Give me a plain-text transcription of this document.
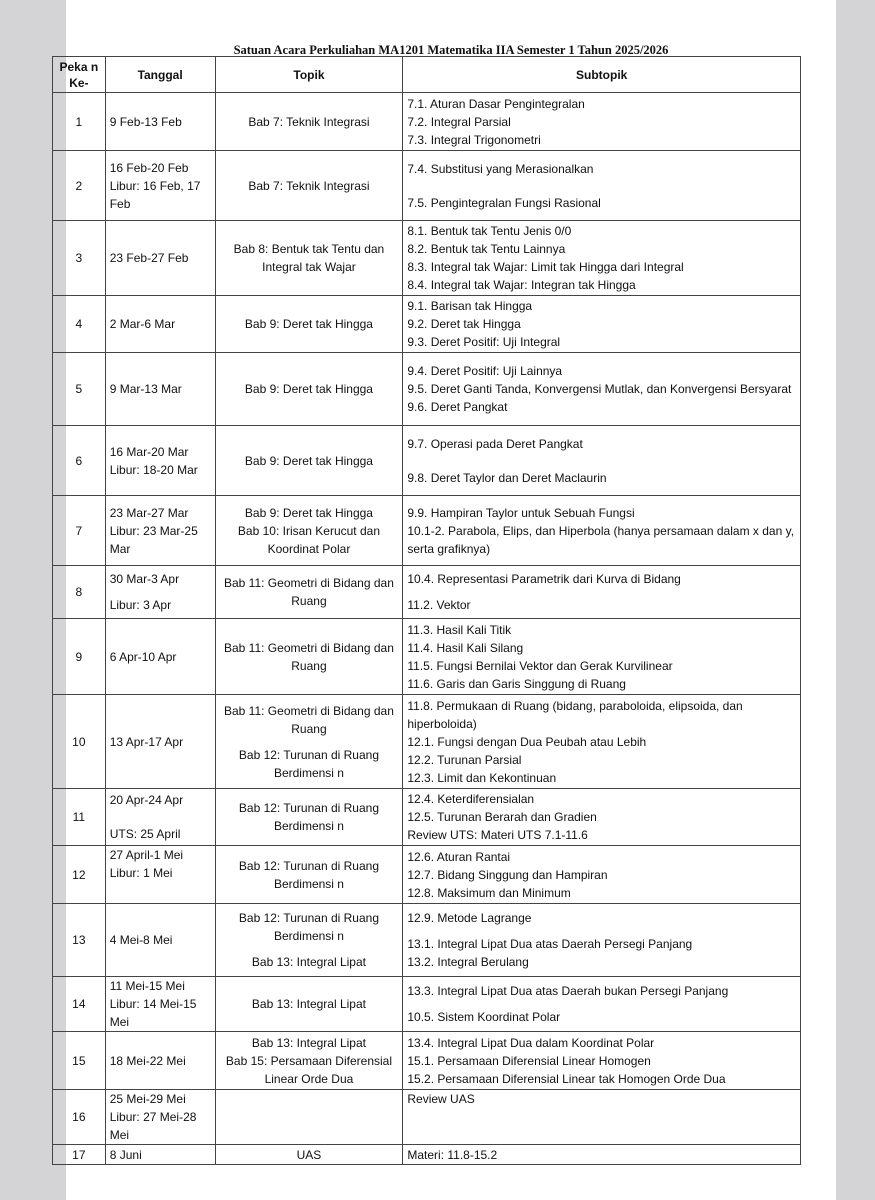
Satuan Acara Perkuliahan MA1201 Matematika IIA Semester 1 Tahun 2025/2026
Peka n Ke-	Tanggal	Topik	Subtopik
1	9 Feb-13 Feb	Bab 7: Teknik Integrasi	7.1. Aturan Dasar Pengintegralan
7.2. Integral Parsial
7.3. Integral Trigonometri

2	16 Feb-20 Feb
Libur: 16 Feb, 17 Feb	Bab 7: Teknik Integrasi	7.4. Substitusi yang Merasionalkan
7.5. Pengintegralan Fungsi Rasional

3	23 Feb-27 Feb	Bab 8: Bentuk tak Tentu dan Integral tak Wajar	8.1. Bentuk tak Tentu Jenis 0/0
8.2. Bentuk tak Tentu Lainnya
8.3. Integral tak Wajar: Limit tak Hingga dari Integral
8.4. Integral tak Wajar: Integran tak Hingga

4	2 Mar-6 Mar	Bab 9: Deret tak Hingga	9.1. Barisan tak Hingga
9.2. Deret tak Hingga
9.3. Deret Positif: Uji Integral

5	9 Mar-13 Mar	Bab 9: Deret tak Hingga	9.4. Deret Positif: Uji Lainnya
9.5. Deret Ganti Tanda, Konvergensi Mutlak, dan Konvergensi Bersyarat
9.6. Deret Pangkat

6	16 Mar-20 Mar
Libur: 18-20 Mar	Bab 9: Deret tak Hingga	9.7. Operasi pada Deret Pangkat
9.8. Deret Taylor dan Deret Maclaurin

7	23 Mar-27 Mar
Libur: 23 Mar-25 Mar	Bab 9: Deret tak Hingga
Bab 10: Irisan Kerucut dan Koordinat Polar	9.9. Hampiran Taylor untuk Sebuah Fungsi
10.1-2. Parabola, Elips, dan Hiperbola (hanya persamaan dalam x dan y, serta grafiknya)

8	30 Mar-3 Apr
Libur: 3 Apr	Bab 11: Geometri di Bidang dan Ruang	10.4. Representasi Parametrik dari Kurva di Bidang
11.2. Vektor

9	6 Apr-10 Apr	Bab 11: Geometri di Bidang dan Ruang	11.3. Hasil Kali Titik
11.4. Hasil Kali Silang
11.5. Fungsi Bernilai Vektor dan Gerak Kurvilinear
11.6. Garis dan Garis Singgung di Ruang

10	13 Apr-17 Apr	Bab 11: Geometri di Bidang dan Ruang
Bab 12: Turunan di Ruang Berdimensi n	11.8. Permukaan di Ruang (bidang, paraboloida, elipsoida, dan hiperboloida)
12.1. Fungsi dengan Dua Peubah atau Lebih
12.2. Turunan Parsial
12.3. Limit dan Kekontinuan

11	20 Apr-24 Apr
UTS: 25 April	Bab 12: Turunan di Ruang Berdimensi n	12.4. Keterdiferensialan
12.5. Turunan Berarah dan Gradien
Review UTS: Materi UTS 7.1-11.6

12	27 April-1 Mei
Libur: 1 Mei	Bab 12: Turunan di Ruang Berdimensi n	12.6. Aturan Rantai
12.7. Bidang Singgung dan Hampiran
12.8. Maksimum dan Minimum

13	4 Mei-8 Mei	Bab 12: Turunan di Ruang Berdimensi n
Bab 13: Integral Lipat	12.9. Metode Lagrange
13.1. Integral Lipat Dua atas Daerah Persegi Panjang
13.2. Integral Berulang

14	11 Mei-15 Mei
Libur: 14 Mei-15 Mei	Bab 13: Integral Lipat	13.3. Integral Lipat Dua atas Daerah bukan Persegi Panjang
10.5. Sistem Koordinat Polar

15	18 Mei-22 Mei	Bab 13: Integral Lipat
Bab 15: Persamaan Diferensial Linear Orde Dua	13.4. Integral Lipat Dua dalam Koordinat Polar
15.1. Persamaan Diferensial Linear Homogen
15.2. Persamaan Diferensial Linear tak Homogen Orde Dua

16	25 Mei-29 Mei
Libur: 27 Mei-28 Mei		Review UAS

17	8 Juni	UAS	Materi: 11.8-15.2
